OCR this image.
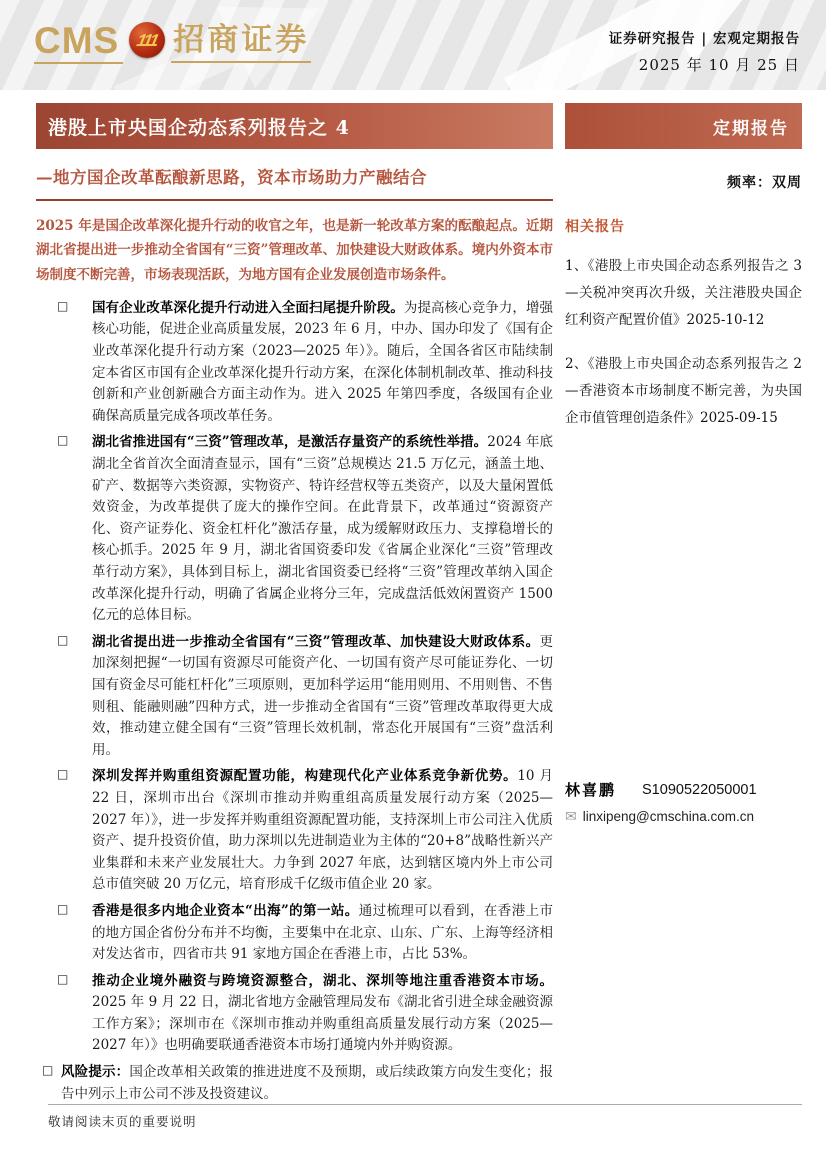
CMS 111 招商证券	证券研究报告 | 宏观定期报告
2025 年 10 月 25 日
港股上市央国企动态系列报告之 4
—地方国企改革酝酿新思路，资本市场助力产融结合

2025 年是国企改革深化提升行动的收官之年，也是新一轮改革方案的酝酿起点。近期湖北省提出进一步推动全省国有“三资”管理改革、加快建设大财政体系。境内外资本市场制度不断完善，市场表现活跃，为地方国有企业发展创造市场条件。

□ 国有企业改革深化提升行动进入全面扫尾提升阶段。为提高核心竞争力，增强核心功能，促进企业高质量发展，2023 年 6 月，中办、国办印发了《国有企业改革深化提升行动方案（2023—2025 年）》。随后，全国各省区市陆续制定本省区市国有企业改革深化提升行动方案，在深化体制机制改革、推动科技创新和产业创新融合方面主动作为。进入 2025 年第四季度，各级国有企业确保高质量完成各项改革任务。

□ 湖北省推进国有“三资”管理改革，是激活存量资产的系统性举措。2024 年底湖北全省首次全面清查显示，国有“三资”总规模达 21.5 万亿元，涵盖土地、矿产、数据等六类资源，实物资产、特许经营权等五类资产，以及大量闲置低效资金，为改革提供了庞大的操作空间。在此背景下，改革通过“资源资产化、资产证券化、资金杠杆化”激活存量，成为缓解财政压力、支撑稳增长的核心抓手。2025 年 9 月，湖北省国资委印发《省属企业深化“三资”管理改革行动方案》，具体到目标上，湖北省国资委已经将“三资”管理改革纳入国企改革深化提升行动，明确了省属企业将分三年，完成盘活低效闲置资产 1500 亿元的总体目标。

□ 湖北省提出进一步推动全省国有“三资”管理改革、加快建设大财政体系。更加深刻把握“一切国有资源尽可能资产化、一切国有资产尽可能证券化、一切国有资金尽可能杠杆化”三项原则，更加科学运用“能用则用、不用则售、不售则租、能融则融”四种方式，进一步推动全省国有“三资”管理改革取得更大成效，推动建立健全国有“三资”管理长效机制，常态化开展国有“三资”盘活利用。

□ 深圳发挥并购重组资源配置功能，构建现代化产业体系竞争新优势。10 月 22 日，深圳市出台《深圳市推动并购重组高质量发展行动方案（2025—2027 年）》，进一步发挥并购重组资源配置功能，支持深圳上市公司注入优质资产、提升投资价值，助力深圳以先进制造业为主体的“20+8”战略性新兴产业集群和未来产业发展壮大。力争到 2027 年底，达到辖区境内外上市公司总市值突破 20 万亿元，培育形成千亿级市值企业 20 家。

□ 香港是很多内地企业资本“出海”的第一站。通过梳理可以看到，在香港上市的地方国企省份分布并不均衡，主要集中在北京、山东、广东、上海等经济相对发达省市，四省市共 91 家地方国企在香港上市，占比 53%。

□ 推动企业境外融资与跨境资源整合，湖北、深圳等地注重香港资本市场。2025 年 9 月 22 日，湖北省地方金融管理局发布《湖北省引进全球金融资源工作方案》；深圳市在《深圳市推动并购重组高质量发展行动方案（2025—2027 年）》也明确要联通香港资本市场打通境内外并购资源。

□ 风险提示：国企改革相关政策的推进进度不及预期，或后续政策方向发生变化；报告中列示上市公司不涉及投资建议。

定期报告
频率：双周
相关报告

1、《港股上市央国企动态系列报告之 3—关税冲突再次升级，关注港股央国企红利资产配置价值》2025-10-12

2、《港股上市央国企动态系列报告之 2—香港资本市场制度不断完善，为央国企市值管理创造条件》2025-09-15

林喜鹏 S1090522050001
✉ linxipeng@cmschina.com.cn
敬请阅读末页的重要说明
